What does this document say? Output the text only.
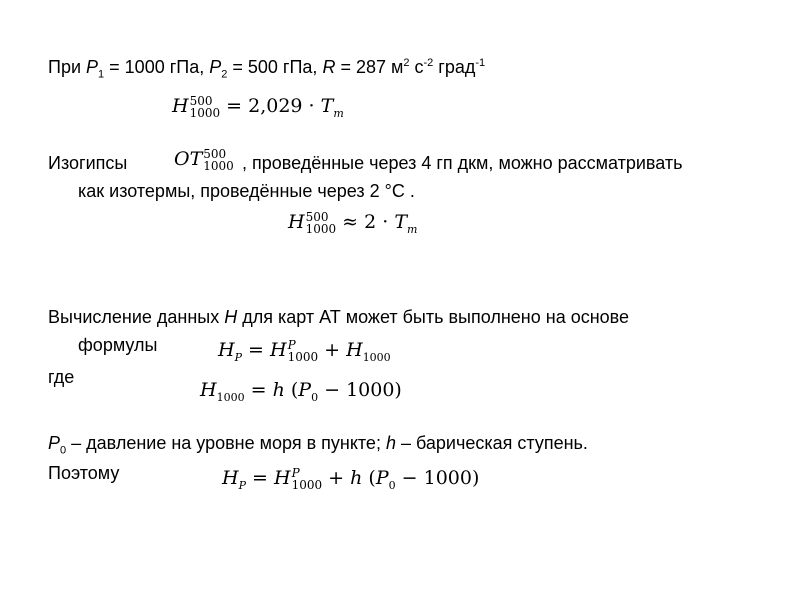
При $P_1 = 1000$ гПа, $P_2 = 500$ гПа, R = 287 $м^2$ $с^{-2}$ град$^{-1}$
H 500
$1000 = 2,029 \cdot T_m$
Изогипсы OT 500
1000 , проведённые через 4 гп дкм, можно рассматривать
как изотермы, проведённые через 2 °С .
H 500
$1000 \approx 2 \cdot T_m$
Вычисление данных H для карт АТ может быть выполнено на основе
формулы	$H_P = H$ P
$1000 + H_{1000}$
где
$H_{1000} = h$ $(P_0 - 1000)$
$P_0$ – давление на уровне моря в пункте; h – барическая ступень.
Поэтому	$H_P = H$ P
1000 + h $(P_0 - 1000)$
